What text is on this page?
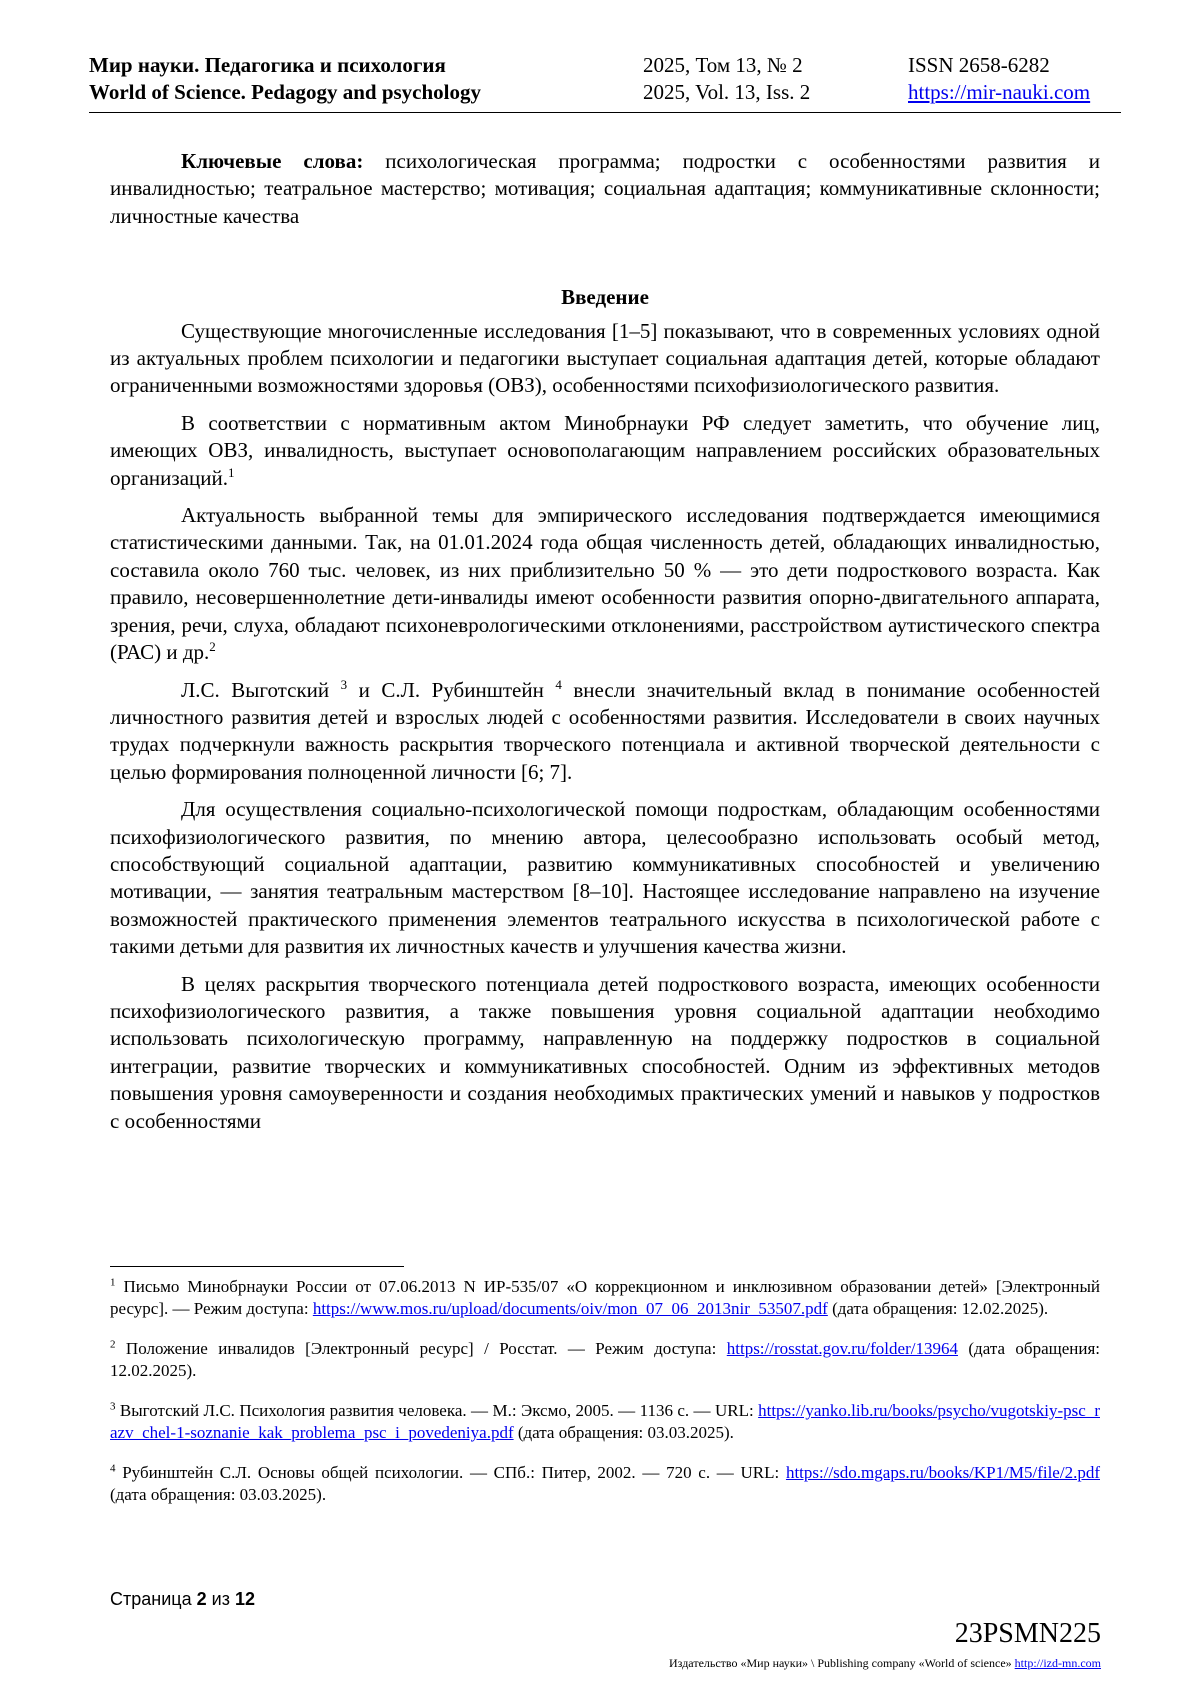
Мир науки. Педагогика и психология
World of Science. Pedagogy and psychology
2025, Том 13, № 2
2025, Vol. 13, Iss. 2
ISSN 2658-6282
https://mir-nauki.com

Ключевые слова: психологическая программа; подростки с особенностями развития и инвалидностью; театральное мастерство; мотивация; социальная адаптация; коммуникативные склонности; личностные качества

Введение

Существующие многочисленные исследования [1–5] показывают, что в современных условиях одной из актуальных проблем психологии и педагогики выступает социальная адаптация детей, которые обладают ограниченными возможностями здоровья (ОВЗ), особенностями психофизиологического развития.

В соответствии с нормативным актом Минобрнауки РФ следует заметить, что обучение лиц, имеющих ОВЗ, инвалидность, выступает основополагающим направлением российских образовательных организаций.$^1$

Актуальность выбранной темы для эмпирического исследования подтверждается имеющимися статистическими данными. Так, на 01.01.2024 года общая численность детей, обладающих инвалидностью, составила около 760 тыс. человек, из них приблизительно 50 % — это дети подросткового возраста. Как правило, несовершеннолетние дети-инвалиды имеют особенности развития опорно-двигательного аппарата, зрения, речи, слуха, обладают психоневрологическими отклонениями, расстройством аутистического спектра (РАС) и др.$^2$

Л.С. Выготский $^3$ и С.Л. Рубинштейн $^4$ внесли значительный вклад в понимание особенностей личностного развития детей и взрослых людей с особенностями развития. Исследователи в своих научных трудах подчеркнули важность раскрытия творческого потенциала и активной творческой деятельности с целью формирования полноценной личности [6; 7].

Для осуществления социально-психологической помощи подросткам, обладающим особенностями психофизиологического развития, по мнению автора, целесообразно использовать особый метод, способствующий социальной адаптации, развитию коммуникативных способностей и увеличению мотивации, — занятия театральным мастерством [8–10]. Настоящее исследование направлено на изучение возможностей практического применения элементов театрального искусства в психологической работе с такими детьми для развития их личностных качеств и улучшения качества жизни.

В целях раскрытия творческого потенциала детей подросткового возраста, имеющих особенности психофизиологического развития, а также повышения уровня социальной адаптации необходимо использовать психологическую программу, направленную на поддержку подростков в социальной интеграции, развитие творческих и коммуникативных способностей. Одним из эффективных методов повышения уровня самоуверенности и создания необходимых практических умений и навыков у подростков с особенностями

$^1$ Письмо Минобрнауки России от 07.06.2013 N ИР-535/07 «О коррекционном и инклюзивном образовании детей» [Электронный ресурс]. — Режим доступа: https://www.mos.ru/upload/documents/oiv/mon_07_06_2013nir_53507.pdf (дата обращения: 12.02.2025).

$^2$ Положение инвалидов [Электронный ресурс] / Росстат. — Режим доступа: https://rosstat.gov.ru/folder/13964 (дата обращения: 12.02.2025).

$^3$ Выготский Л.С. Психология развития человека. — М.: Эксмо, 2005. — 1136 с. — URL: https://yanko.lib.ru/books/psycho/vugotskiy-psc_razv_chel-1-soznanie_kak_problema_psc_i_povedeniya.pdf (дата обращения: 03.03.2025).

$^4$ Рубинштейн С.Л. Основы общей психологии. — СПб.: Питер, 2002. — 720 с. — URL: https://sdo.mgaps.ru/books/KP1/M5/file/2.pdf (дата обращения: 03.03.2025).

Страница 2 из 12
23PSMN225
Издательство «Мир науки» \ Publishing company «World of science» http://izd-mn.com
